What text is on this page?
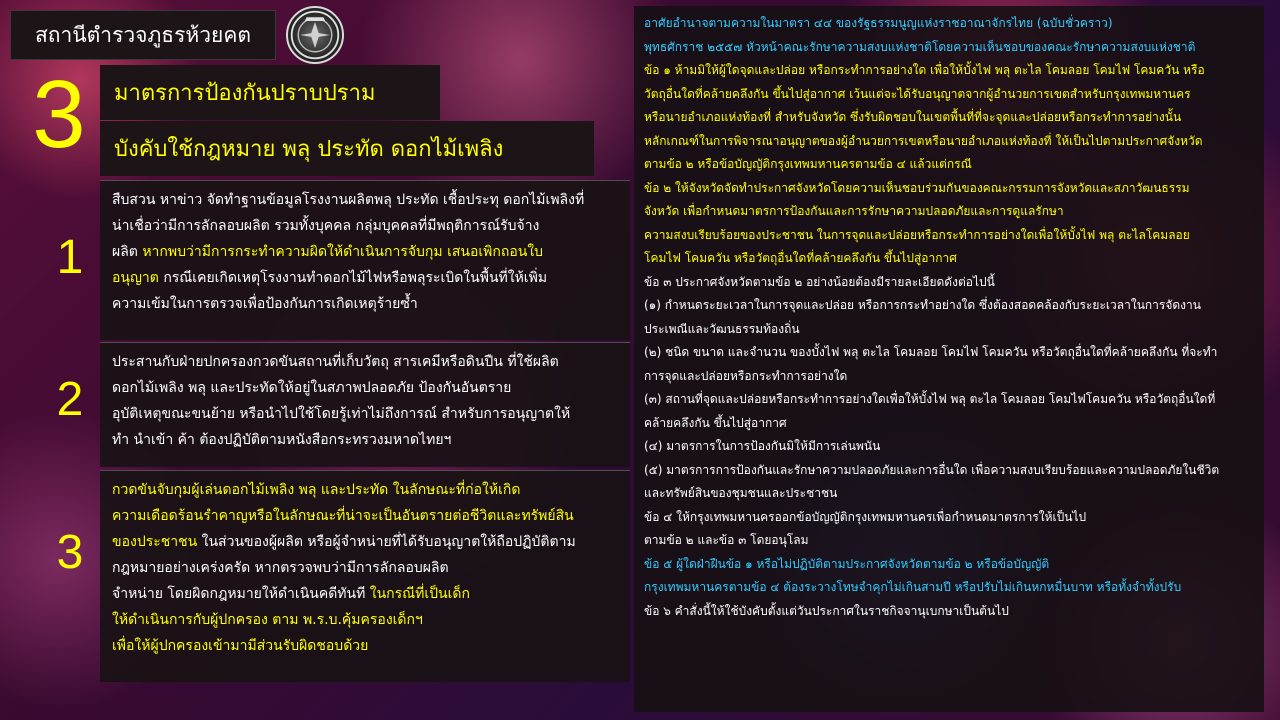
สถานีตำรวจภูธรห้วยคต
3	มาตรการป้องกันปราบปราม
บังคับใช้กฎหมาย พลุ ประทัด ดอกไม้เพลิง
1
2
3
สืบสวน หาข่าว จัดทำฐานข้อมูลโรงงานผลิตพลุ ประทัด เชื้อประทุ ดอกไม้เพลิงที่
น่าเชื่อว่ามีการลักลอบผลิต รวมทั้งบุคคล กลุ่มบุคคลที่มีพฤติการณ์รับจ้าง
ผลิต หากพบว่ามีการกระทำความผิดให้ดำเนินการจับกุม เสนอเพิกถอนใบ
อนุญาต กรณีเคยเกิดเหตุโรงงานทำดอกไม้ไฟหรือพลุระเบิดในพื้นที่ให้เพิ่ม
ความเข้มในการตรวจเพื่อป้องกันการเกิดเหตุร้ายซ้ำ
ประสานกับฝ่ายปกครองกวดขันสถานที่เก็บวัตถุ สารเคมีหรือดินปืน ที่ใช้ผลิต
ดอกไม้เพลิง พลุ และประทัดให้อยู่ในสภาพปลอดภัย ป้องกันอันตราย
อุบัติเหตุขณะขนย้าย หรือนำไปใช้โดยรู้เท่าไม่ถึงการณ์ สำหรับการอนุญาตให้
ทำ นำเข้า ค้า ต้องปฏิบัติตามหนังสือกระทรวงมหาดไทยฯ
กวดขันจับกุมผู้เล่นดอกไม้เพลิง พลุ และประทัด ในลักษณะที่ก่อให้เกิด
ความเดือดร้อนรำคาญหรือในลักษณะที่น่าจะเป็นอันตรายต่อชีวิตและทรัพย์สิน
ของประชาชน ในส่วนของผู้ผลิต หรือผู้จำหน่ายที่ได้รับอนุญาตให้ถือปฏิบัติตาม
กฎหมายอย่างเคร่งครัด หากตรวจพบว่ามีการลักลอบผลิต
จำหน่าย โดยผิดกฎหมายให้ดำเนินคดีทันที ในกรณีที่เป็นเด็ก
ให้ดำเนินการกับผู้ปกครอง ตาม พ.ร.บ.คุ้มครองเด็กฯ
เพื่อให้ผู้ปกครองเข้ามามีส่วนรับผิดชอบด้วย
อาศัยอำนาจตามความในมาตรา ๔๔ ของรัฐธรรมนูญแห่งราชอาณาจักรไทย (ฉบับชั่วคราว)
พุทธศักราช ๒๕๕๗ หัวหน้าคณะรักษาความสงบแห่งชาติโดยความเห็นชอบของคณะรักษาความสงบแห่งชาติ
ข้อ ๑ ห้ามมิให้ผู้ใดจุดและปล่อย หรือกระทำการอย่างใด เพื่อให้บั้งไฟ พลุ ตะไล โคมลอย โคมไฟ โคมควัน หรือ
วัตถุอื่นใดที่คล้ายคลึงกัน ขึ้นไปสู่อากาศ เว้นแต่จะได้รับอนุญาตจากผู้อำนวยการเขตสำหรับกรุงเทพมหานคร
หรือนายอำเภอแห่งท้องที่ สำหรับจังหวัด ซึ่งรับผิดชอบในเขตพื้นที่ที่จะจุดและปล่อยหรือกระทำการอย่างนั้น
หลักเกณฑ์ในการพิจารณาอนุญาตของผู้อำนวยการเขตหรือนายอำเภอแห่งท้องที่ ให้เป็นไปตามประกาศจังหวัด
ตามข้อ ๒ หรือข้อบัญญัติกรุงเทพมหานครตามข้อ ๔ แล้วแต่กรณี
ข้อ ๒ ให้จังหวัดจัดทำประกาศจังหวัดโดยความเห็นชอบร่วมกันของคณะกรรมการจังหวัดและสภาวัฒนธรรม
จังหวัด เพื่อกำหนดมาตรการป้องกันและการรักษาความปลอดภัยและการดูแลรักษา
ความสงบเรียบร้อยของประชาชน ในการจุดและปล่อยหรือกระทำการอย่างใดเพื่อให้บั้งไฟ พลุ ตะไลโคมลอย
โคมไฟ โคมควัน หรือวัตถุอื่นใดที่คล้ายคลึงกัน ขึ้นไปสู่อากาศ
ข้อ ๓ ประกาศจังหวัดตามข้อ ๒ อย่างน้อยต้องมีรายละเอียดดังต่อไปนี้
(๑) กำหนดระยะเวลาในการจุดและปล่อย หรือการกระทำอย่างใด ซึ่งต้องสอดคล้องกับระยะเวลาในการจัดงาน
ประเพณีและวัฒนธรรมท้องถิ่น
(๒) ชนิด ขนาด และจำนวน ของบั้งไฟ พลุ ตะไล โคมลอย โคมไฟ โคมควัน หรือวัตถุอื่นใดที่คล้ายคลึงกัน ที่จะทำ
การจุดและปล่อยหรือกระทำการอย่างใด
(๓) สถานที่จุดและปล่อยหรือกระทำการอย่างใดเพื่อให้บั้งไฟ พลุ ตะไล โคมลอย โคมไฟโคมควัน หรือวัตถุอื่นใดที่
คล้ายคลึงกัน ขึ้นไปสู่อากาศ
(๔) มาตรการในการป้องกันมิให้มีการเล่นพนัน
(๕) มาตรการการป้องกันและรักษาความปลอดภัยและการอื่นใด เพื่อความสงบเรียบร้อยและความปลอดภัยในชีวิต
และทรัพย์สินของชุมชนและประชาชน
ข้อ ๔ ให้กรุงเทพมหานครออกข้อบัญญัติกรุงเทพมหานครเพื่อกำหนดมาตรการให้เป็นไป
ตามข้อ ๒ และข้อ ๓ โดยอนุโลม
ข้อ ๕ ผู้ใดฝ่าฝืนข้อ ๑ หรือไม่ปฏิบัติตามประกาศจังหวัดตามข้อ ๒ หรือข้อบัญญัติ
กรุงเทพมหานครตามข้อ ๔ ต้องระวางโทษจำคุกไม่เกินสามปี หรือปรับไม่เกินหกหมื่นบาท หรือทั้งจำทั้งปรับ
ข้อ ๖ คำสั่งนี้ให้ใช้บังคับตั้งแต่วันประกาศในราชกิจจานุเบกษาเป็นต้นไป
